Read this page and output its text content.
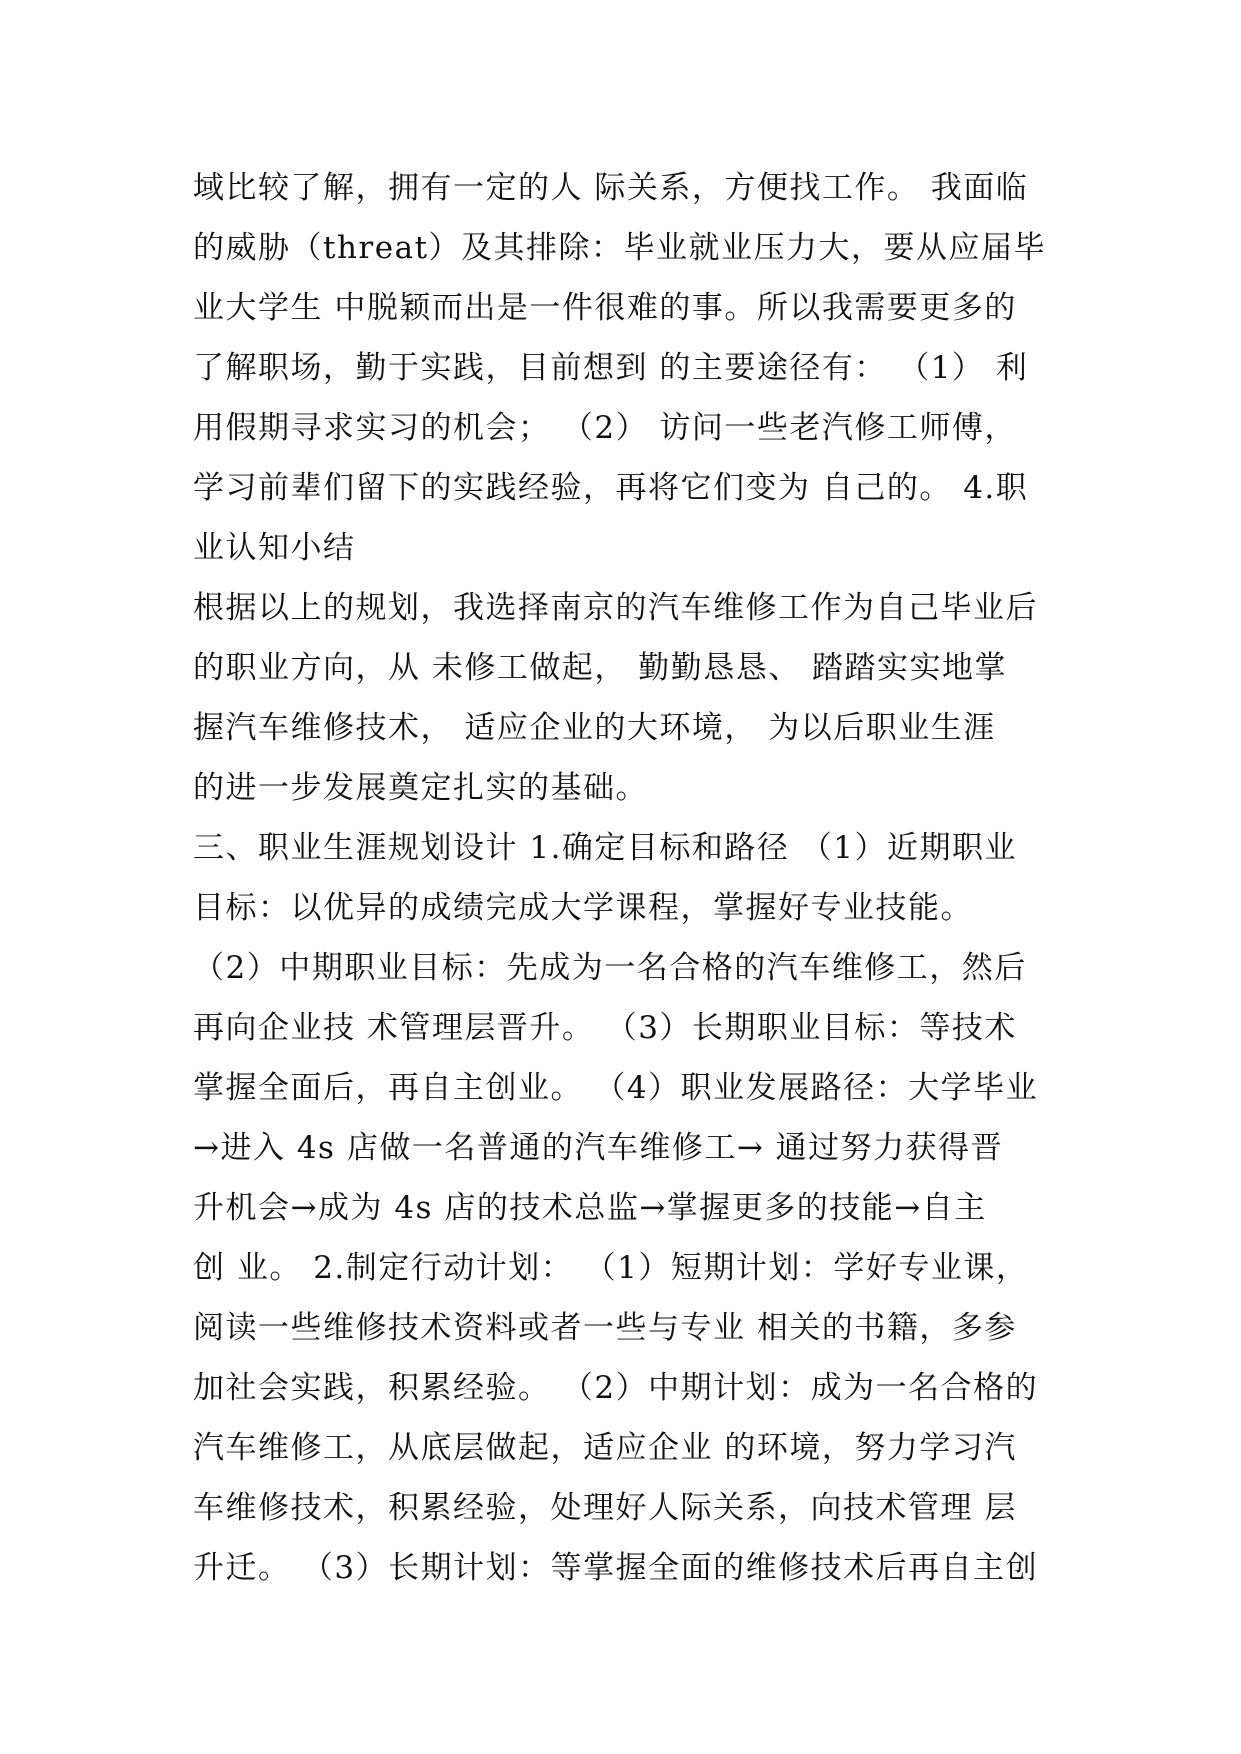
域比较了解，拥有一定的人 际关系，方便找工作。 我面临
的威胁（threat）及其排除：毕业就业压力大，要从应届毕
业大学生 中脱颖而出是一件很难的事。所以我需要更多的
了解职场，勤于实践，目前想到 的主要途径有： （1） 利
用假期寻求实习的机会； （2） 访问一些老汽修工师傅，
学习前辈们留下的实践经验，再将它们变为 自己的。 4.职
业认知小结
根据以上的规划，我选择南京的汽车维修工作为自己毕业后
的职业方向，从 未修工做起， 勤勤恳恳、 踏踏实实地掌
握汽车维修技术， 适应企业的大环境， 为以后职业生涯
的进一步发展奠定扎实的基础。
三、职业生涯规划设计 1.确定目标和路径 （1）近期职业
目标：以优异的成绩完成大学课程，掌握好专业技能。
（2）中期职业目标：先成为一名合格的汽车维修工，然后
再向企业技 术管理层晋升。 （3）长期职业目标：等技术
掌握全面后，再自主创业。 （4）职业发展路径：大学毕业
→进入 4s 店做一名普通的汽车维修工→ 通过努力获得晋
升机会→成为 4s 店的技术总监→掌握更多的技能→自主
创 业。 2.制定行动计划： （1）短期计划：学好专业课，
阅读一些维修技术资料或者一些与专业 相关的书籍，多参
加社会实践，积累经验。 （2）中期计划：成为一名合格的
汽车维修工，从底层做起，适应企业 的环境，努力学习汽
车维修技术，积累经验，处理好人际关系，向技术管理 层
升迁。 （3）长期计划：等掌握全面的维修技术后再自主创
